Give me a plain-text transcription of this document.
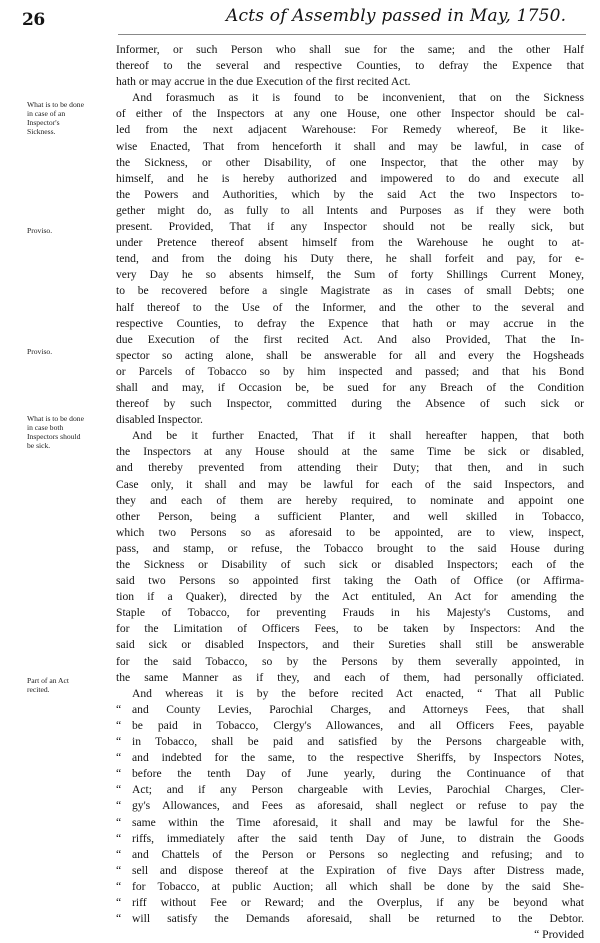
26	Acts of Assembly passed in May, 1750.
What is to be done in case of an Inspector's Sickness.
Proviso.
Proviso.
What is to be done in case both Inspectors should be sick.
Part of an Act recited.
Informer, or such Person who shall sue for the same; and the other Half
thereof to the several and respective Counties, to defray the Expence that
hath or may accrue in the due Execution of the first recited Act.
And forasmuch as it is found to be inconvenient, that on the Sickness
of either of the Inspectors at any one House, one other Inspector should be cal-
led from the next adjacent Warehouse: For Remedy whereof, Be it like-
wise Enacted, That from henceforth it shall and may be lawful, in case of
the Sickness, or other Disability, of one Inspector, that the other may by
himself, and he is hereby authorized and impowered to do and execute all
the Powers and Authorities, which by the said Act the two Inspectors to-
gether might do, as fully to all Intents and Purposes as if they were both
present. Provided, That if any Inspector should not be really sick, but
under Pretence thereof absent himself from the Warehouse he ought to at-
tend, and from the doing his Duty there, he shall forfeit and pay, for e-
very Day he so absents himself, the Sum of forty Shillings Current Money,
to be recovered before a single Magistrate as in cases of small Debts; one
half thereof to the Use of the Informer, and the other to the several and
respective Counties, to defray the Expence that hath or may accrue in the
due Execution of the first recited Act. And also Provided, That the In-
spector so acting alone, shall be answerable for all and every the Hogsheads
or Parcels of Tobacco so by him inspected and passed; and that his Bond
shall and may, if Occasion be, be sued for any Breach of the Condition
thereof by such Inspector, committed during the Absence of such sick or
disabled Inspector.
And be it further Enacted, That if it shall hereafter happen, that both
the Inspectors at any House should at the same Time be sick or disabled,
and thereby prevented from attending their Duty; that then, and in such
Case only, it shall and may be lawful for each of the said Inspectors, and
they and each of them are hereby required, to nominate and appoint one
other Person, being a sufficient Planter, and well skilled in Tobacco,
which two Persons so as aforesaid to be appointed, are to view, inspect,
pass, and stamp, or refuse, the Tobacco brought to the said House during
the Sickness or Disability of such sick or disabled Inspectors; each of the
said two Persons so appointed first taking the Oath of Office (or Affirma-
tion if a Quaker), directed by the Act entituled, An Act for amending the
Staple of Tobacco, for preventing Frauds in his Majesty's Customs, and
for the Limitation of Officers Fees, to be taken by Inspectors: And the
said sick or disabled Inspectors, and their Sureties shall still be answerable
for the said Tobacco, so by the Persons by them severally appointed, in
the same Manner as if they, and each of them, had personally officiated.
And whereas it is by the before recited Act enacted, “ That all Public
“ and County Levies, Parochial Charges, and Attorneys Fees, that shall
“ be paid in Tobacco, Clergy's Allowances, and all Officers Fees, payable
“ in Tobacco, shall be paid and satisfied by the Persons chargeable with,
“ and indebted for the same, to the respective Sheriffs, by Inspectors Notes,
“ before the tenth Day of June yearly, during the Continuance of that
“ Act; and if any Person chargeable with Levies, Parochial Charges, Cler-
“ gy's Allowances, and Fees as aforesaid, shall neglect or refuse to pay the
“ same within the Time aforesaid, it shall and may be lawful for the She-
“ riffs, immediately after the said tenth Day of June, to distrain the Goods
“ and Chattels of the Person or Persons so neglecting and refusing; and to
“ sell and dispose thereof at the Expiration of five Days after Distress made,
“ for Tobacco, at public Auction; all which shall be done by the said She-
“ riff without Fee or Reward; and the Overplus, if any be beyond what
“ will satisfy the Demands aforesaid, shall be returned to the Debtor.
“ Provided
